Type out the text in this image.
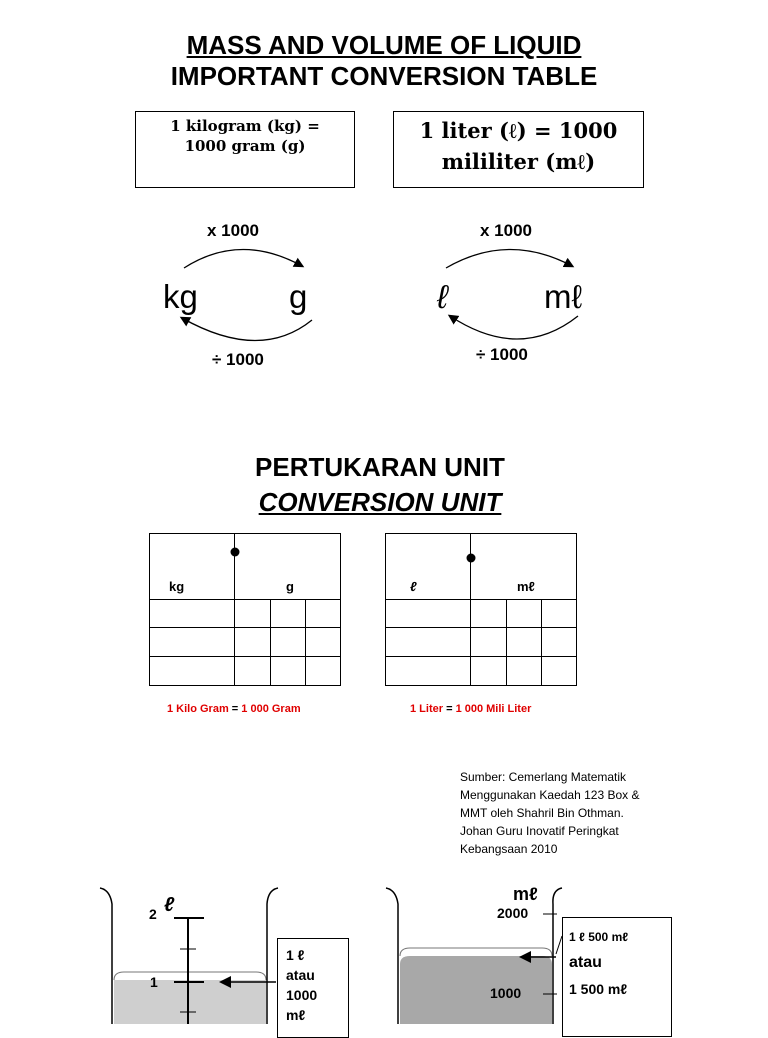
MASS AND VOLUME OF LIQUID
IMPORTANT CONVERSION TABLE
1 kilogram (kg) =
1000 gram (g)
1 liter (ℓ) = 1000
mililiter (mℓ)
x 1000
kg	g
÷ 1000
x 1000
ℓ	mℓ
÷ 1000
PERTUKARAN UNIT
CONVERSION UNIT
kg	g	ℓ	mℓ
1 Kilo Gram = 1 000 Gram	1 Liter = 1 000 Mili Liter
Sumber: Cemerlang Matematik
Menggunakan Kaedah 123 Box &
MMT oleh Shahril Bin Othman.
Johan Guru Inovatif Peringkat
Kebangsaan 2010
2 ℓ
1
1 ℓ
atau
1000 mℓ
mℓ
2000
1000
1 ℓ 500 mℓ
atau
1 500 mℓ
